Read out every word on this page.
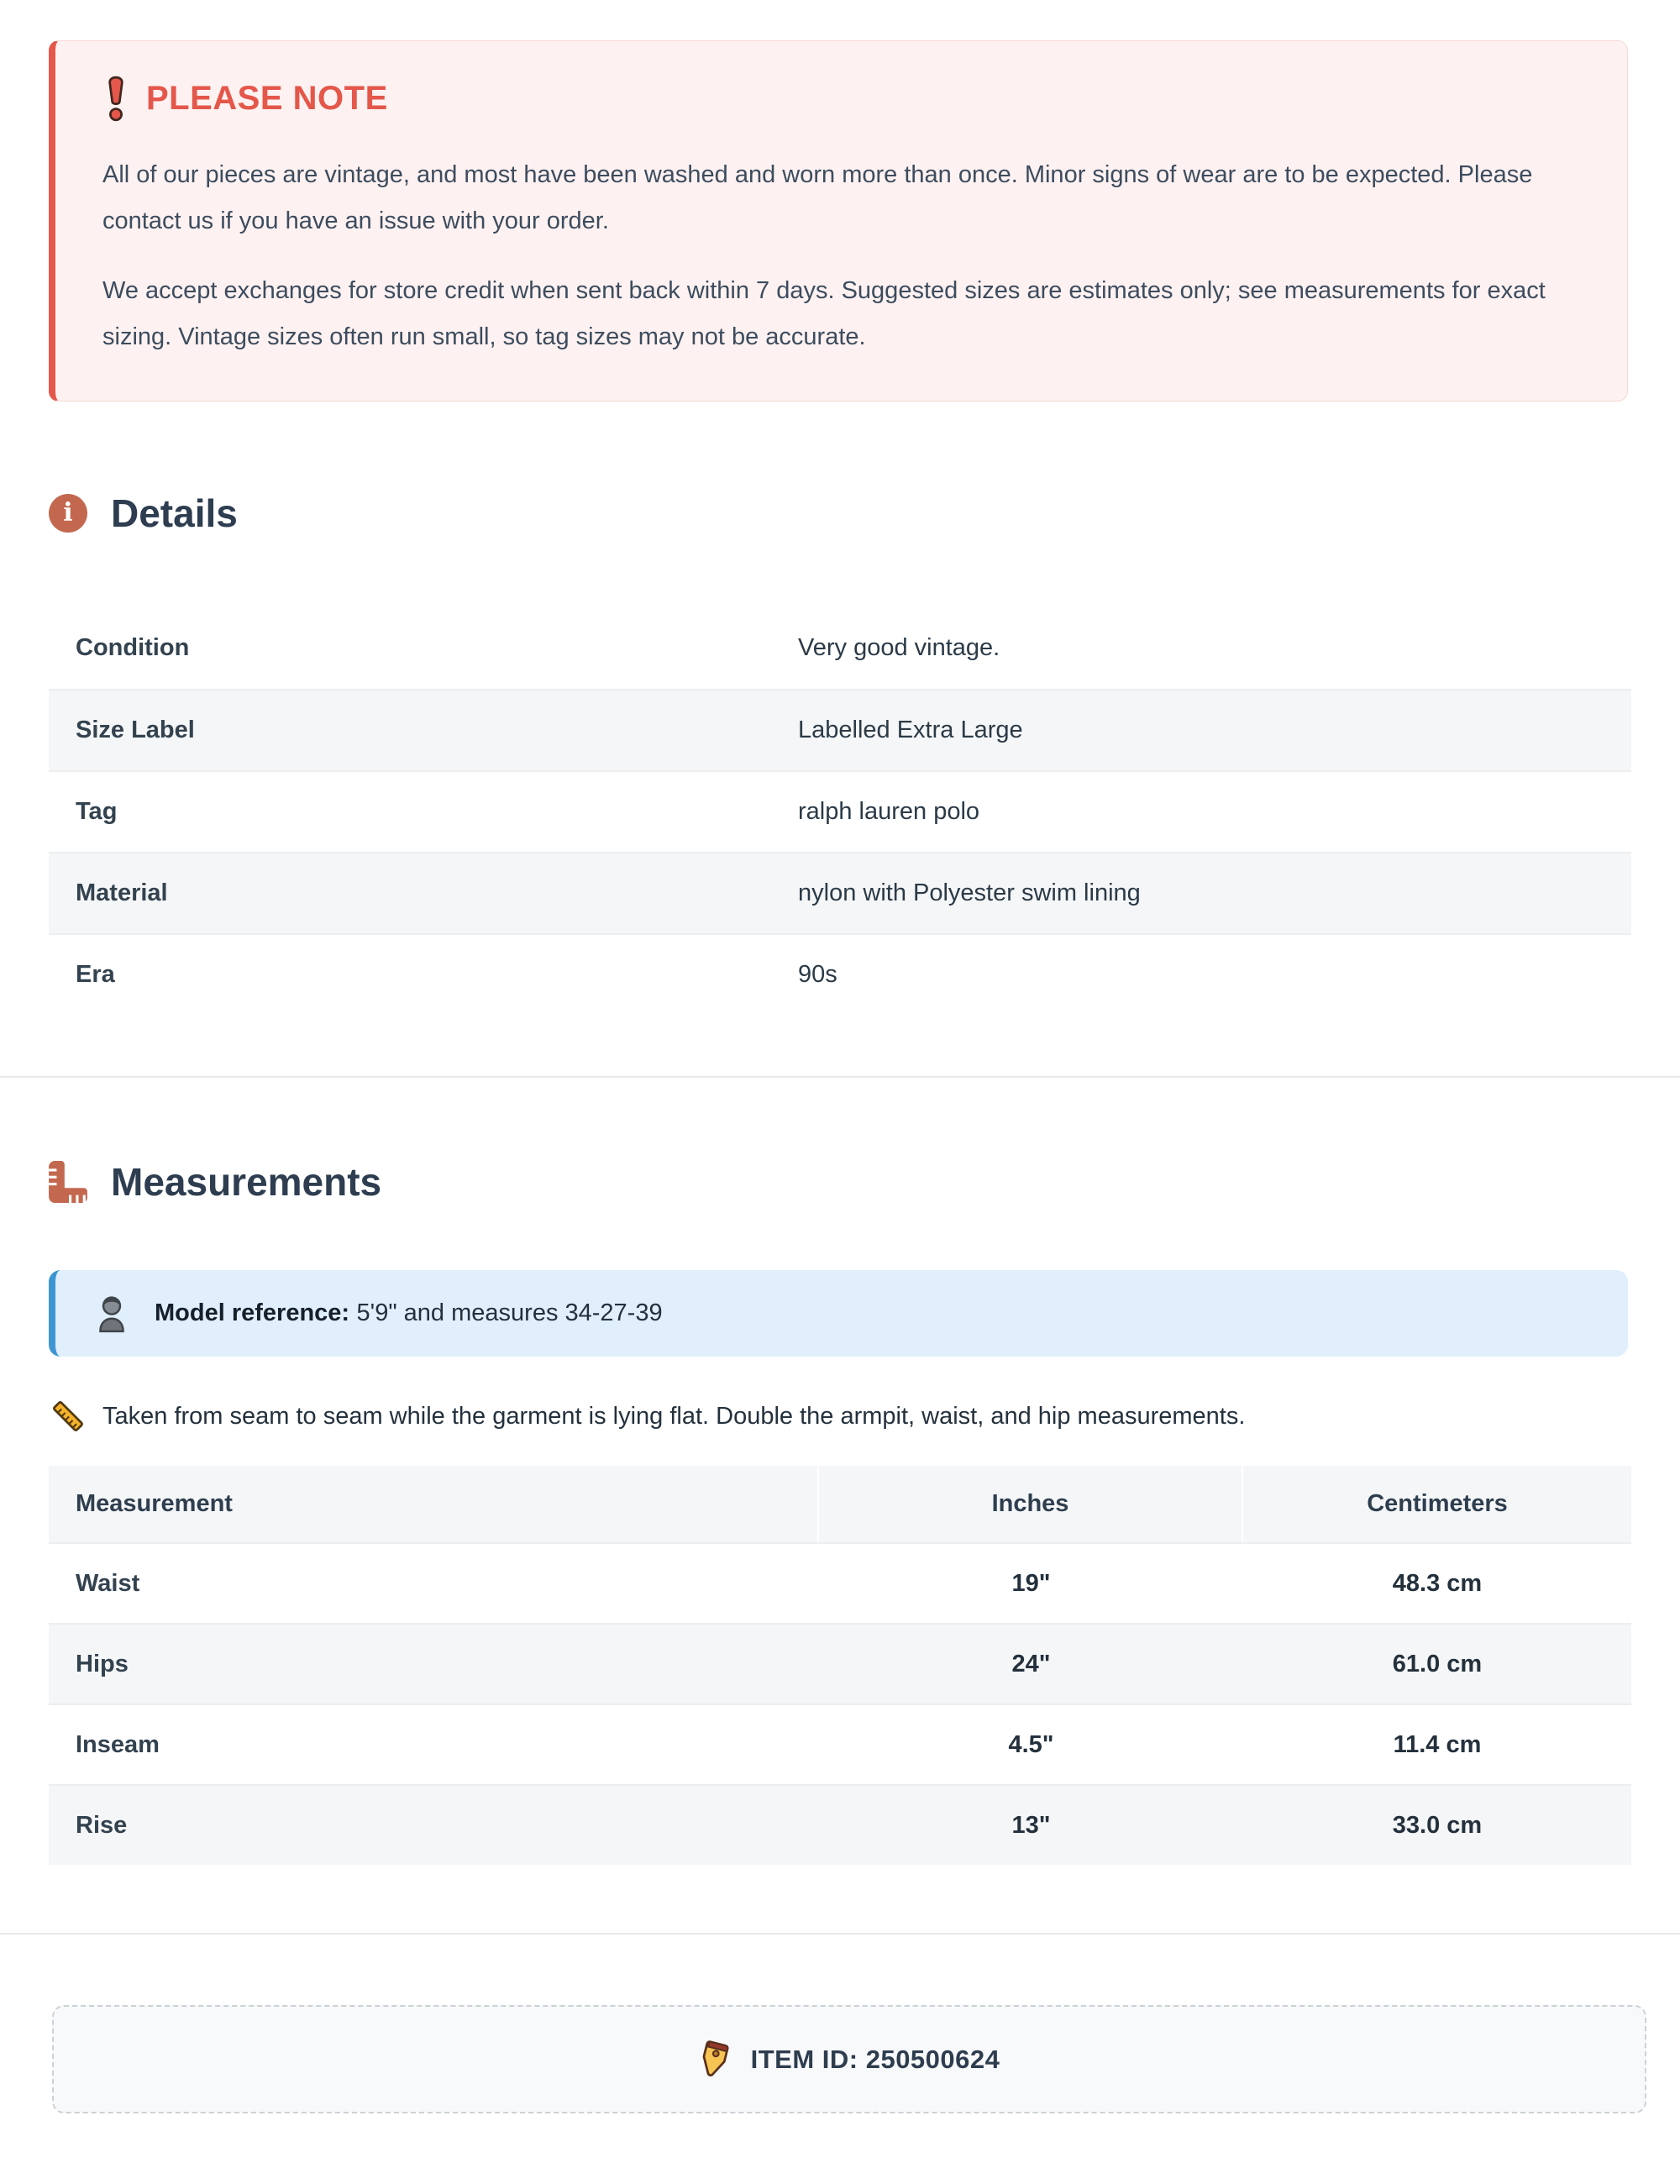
PLEASE NOTE

All of our pieces are vintage, and most have been washed and worn more than once. Minor signs of wear are to be expected. Please contact us if you have an issue with your order.

We accept exchanges for store credit when sent back within 7 days. Suggested sizes are estimates only; see measurements for exact sizing. Vintage sizes often run small, so tag sizes may not be accurate.

i Details
Condition	Very good vintage.
Size Label	Labelled Extra Large
Tag	ralph lauren polo
Material	nylon with Polyester swim lining
Era	90s
Measurements
Model reference: 5'9" and measures 34-27-39
Taken from seam to seam while the garment is lying flat. Double the armpit, waist, and hip measurements.
Measurement	Inches	Centimeters
Waist	19"	48.3 cm
Hips	24"	61.0 cm
Inseam	4.5"	11.4 cm
Rise	13"	33.0 cm
ITEM ID: 250500624
